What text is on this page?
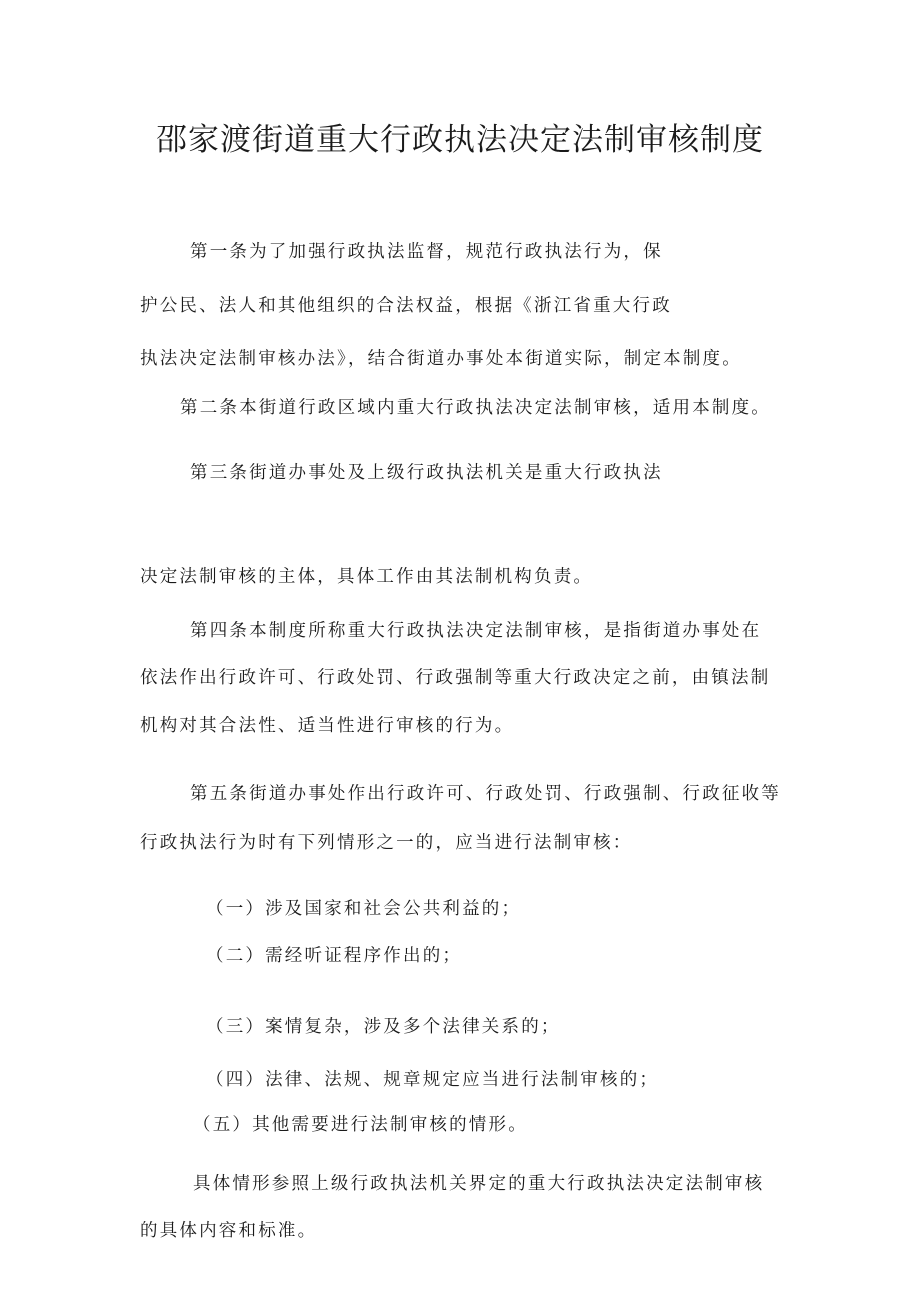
邵家渡街道重大行政执法决定法制审核制度
第一条为了加强行政执法监督，规范行政执法行为，保
护公民、法人和其他组织的合法权益，根据《浙江省重大行政
执法决定法制审核办法》，结合街道办事处本街道实际，制定本制度。
第二条本街道行政区域内重大行政执法决定法制审核，适用本制度。
第三条街道办事处及上级行政执法机关是重大行政执法
决定法制审核的主体，具体工作由其法制机构负责。
第四条本制度所称重大行政执法决定法制审核，是指街道办事处在
依法作出行政许可、行政处罚、行政强制等重大行政决定之前，由镇法制
机构对其合法性、适当性进行审核的行为。
第五条街道办事处作出行政许可、行政处罚、行政强制、行政征收等
行政执法行为时有下列情形之一的，应当进行法制审核：
（一）涉及国家和社会公共利益的；
（二）需经听证程序作出的；
（三）案情复杂，涉及多个法律关系的；
（四）法律、法规、规章规定应当进行法制审核的；
（五）其他需要进行法制审核的情形。
具体情形参照上级行政执法机关界定的重大行政执法决定法制审核
的具体内容和标准。
